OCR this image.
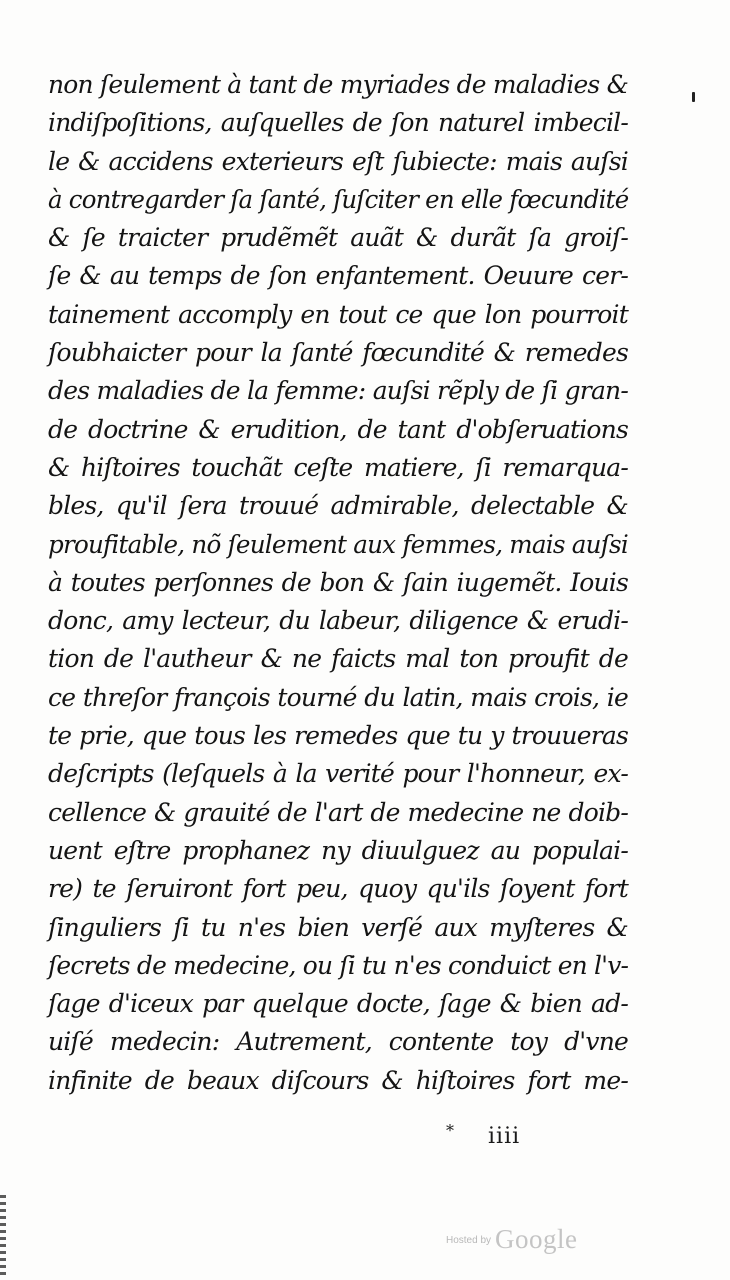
non ſeulement à tant de myriades de maladies &
indiſpoſitions, auſquelles de ſon naturel imbecil-
le & accidens exterieurs eſt ſubiecte: mais auſsi
à contregarder ſa ſanté, ſuſciter en elle fœcundité
& ſe traicter prudẽmẽt auãt & durãt ſa groiſ-
ſe & au temps de ſon enfantement. Oeuure cer-
tainement accomply en tout ce que lon pourroit
ſoubhaicter pour la ſanté fœcundité & remedes
des maladies de la femme: auſsi rẽply de ſi gran-
de doctrine & erudition, de tant d'obſeruations
& hiſtoires touchãt ceſte matiere, ſi remarqua-
bles, qu'il ſera trouué admirable, delectable &
proufitable, nõ ſeulement aux femmes, mais auſsi
à toutes perſonnes de bon & ſain iugemẽt. Iouis
donc, amy lecteur, du labeur, diligence & erudi-
tion de l'autheur & ne faicts mal ton proufit de
ce threſor françois tourné du latin, mais crois, ie
te prie, que tous les remedes que tu y trouueras
deſcripts (leſquels à la verité pour l'honneur, ex-
cellence & grauité de l'art de medecine ne doib-
uent eſtre prophanez ny diuulguez au populai-
re) te ſeruiront fort peu, quoy qu'ils ſoyent fort
ſinguliers ſi tu n'es bien verſé aux myſteres &
ſecrets de medecine, ou ſi tu n'es conduict en l'v-
ſage d'iceux par quelque docte, ſage & bien ad-
uiſé medecin: Autrement, contente toy d'vne
infinite de beaux diſcours & hiſtoires fort me-
* iiii
Hosted by Google
